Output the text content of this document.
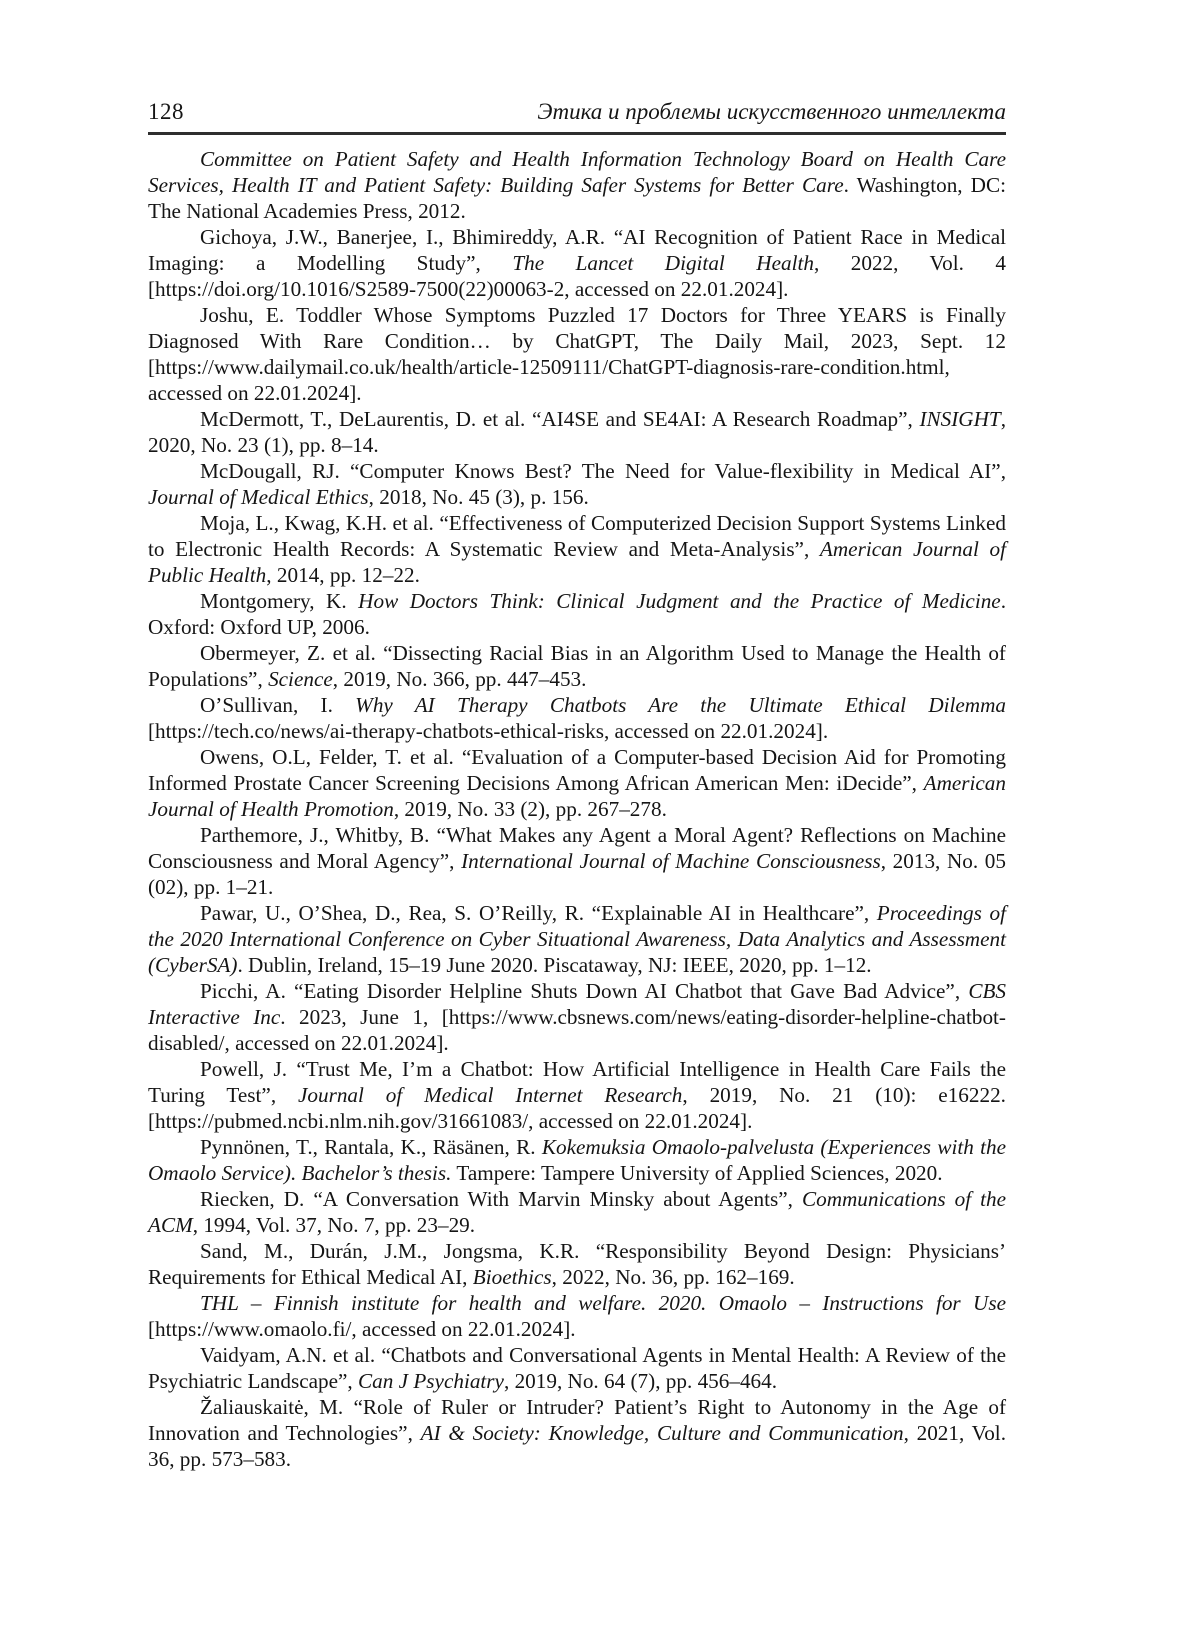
128	Этика и проблемы искусственного интеллекта

Committee on Patient Safety and Health Information Technology Board on Health Care Services, Health IT and Patient Safety: Building Safer Systems for Better Care. Washington, DC: The National Academies Press, 2012.

Gichoya, J.W., Banerjee, I., Bhimireddy, A.R. “AI Recognition of Patient Race in Medical Imaging: a Modelling Study”, The Lancet Digital Health, 2022, Vol. 4 [https://doi.org/10.1016/S2589-7500(22)00063-2, accessed on 22.01.2024].

Joshu, E. Toddler Whose Symptoms Puzzled 17 Doctors for Three YEARS is Finally Diagnosed With Rare Condition… by ChatGPT, The Daily Mail, 2023, Sept. 12 [https://www.dailymail.co.uk/health/article-12509111/ChatGPT-diagnosis-rare-condition.html, accessed on 22.01.2024].

McDermott, T., DeLaurentis, D. et al. “AI4SE and SE4AI: A Research Roadmap”, INSIGHT, 2020, No. 23 (1), pp. 8–14.

McDougall, RJ. “Computer Knows Best? The Need for Value-flexibility in Medical AI”, Journal of Medical Ethics, 2018, No. 45 (3), p. 156.

Moja, L., Kwag, K.H. et al. “Effectiveness of Computerized Decision Support Systems Linked to Electronic Health Records: A Systematic Review and Meta-Analysis”, American Journal of Public Health, 2014, pp. 12–22.

Montgomery, K. How Doctors Think: Clinical Judgment and the Practice of Medicine. Oxford: Oxford UP, 2006.

Obermeyer, Z. et al. “Dissecting Racial Bias in an Algorithm Used to Manage the Health of Populations”, Science, 2019, No. 366, pp. 447–453.

O’Sullivan, I. Why AI Therapy Chatbots Are the Ultimate Ethical Dilemma [https://tech.co/news/ai-therapy-chatbots-ethical-risks, accessed on 22.01.2024].

Owens, O.L, Felder, T. et al. “Evaluation of a Computer-based Decision Aid for Promoting Informed Prostate Cancer Screening Decisions Among African American Men: iDecide”, American Journal of Health Promotion, 2019, No. 33 (2), pp. 267–278.

Parthemore, J., Whitby, B. “What Makes any Agent a Moral Agent? Reflections on Machine Consciousness and Moral Agency”, International Journal of Machine Consciousness, 2013, No. 05 (02), pp. 1–21.

Pawar, U., O’Shea, D., Rea, S. O’Reilly, R. “Explainable AI in Healthcare”, Proceedings of the 2020 International Conference on Cyber Situational Awareness, Data Analytics and Assessment (CyberSA). Dublin, Ireland, 15–19 June 2020. Piscataway, NJ: IEEE, 2020, pp. 1–12.

Picchi, A. “Eating Disorder Helpline Shuts Down AI Chatbot that Gave Bad Advice”, CBS Interactive Inc. 2023, June 1, [https://www.cbsnews.com/news/eating-disorder-helpline-chatbot-disabled/, accessed on 22.01.2024].

Powell, J. “Trust Me, I’m a Chatbot: How Artificial Intelligence in Health Care Fails the Turing Test”, Journal of Medical Internet Research, 2019, No. 21 (10): e16222. [https://pubmed.ncbi.nlm.nih.gov/31661083/, accessed on 22.01.2024].

Pynnönen, T., Rantala, K., Räsänen, R. Kokemuksia Omaolo-palvelusta (Experiences with the Omaolo Service). Bachelor’s thesis. Tampere: Tampere University of Applied Sciences, 2020.

Riecken, D. “A Conversation With Marvin Minsky about Agents”, Communications of the ACM, 1994, Vol. 37, No. 7, pp. 23–29.

Sand, M., Durán, J.M., Jongsma, K.R. “Responsibility Beyond Design: Physicians’ Requirements for Ethical Medical AI, Bioethics, 2022, No. 36, pp. 162–169.

THL – Finnish institute for health and welfare. 2020. Omaolo – Instructions for Use [https://www.omaolo.fi/, accessed on 22.01.2024].

Vaidyam, A.N. et al. “Chatbots and Conversational Agents in Mental Health: A Review of the Psychiatric Landscape”, Can J Psychiatry, 2019, No. 64 (7), pp. 456–464.

Žaliauskaitė, M. “Role of Ruler or Intruder? Patient’s Right to Autonomy in the Age of Innovation and Technologies”, AI & Society: Knowledge, Culture and Communication, 2021, Vol. 36, pp. 573–583.
